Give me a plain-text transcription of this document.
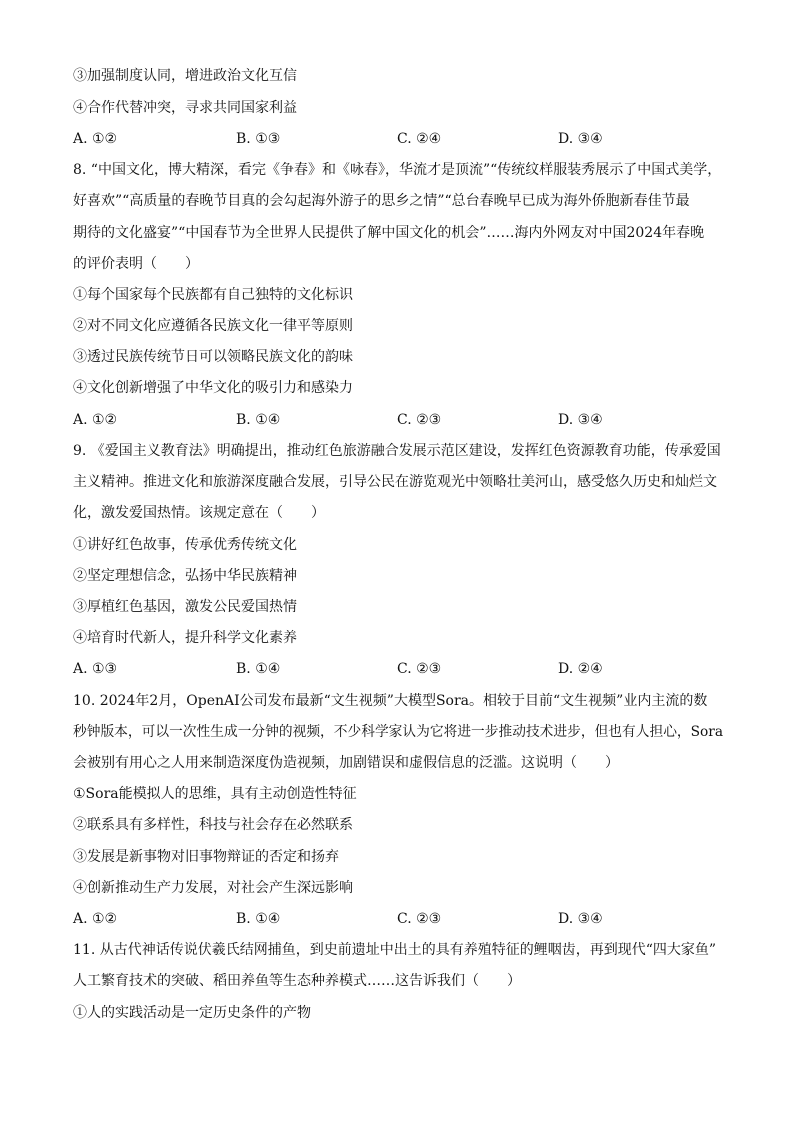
③加强制度认同，增进政治文化互信
④合作代替冲突，寻求共同国家利益
A. ①②	B. ①③	C. ②④	D. ③④
8. “中国文化，博大精深，看完《争春》和《咏春》，华流才是顶流”“传统纹样服装秀展示了中国式美学，
好喜欢”“高质量的春晚节目真的会勾起海外游子的思乡之情”“总台春晚早已成为海外侨胞新春佳节最
期待的文化盛宴”“中国春节为全世界人民提供了解中国文化的机会”……海内外网友对中国2024年春晚
的评价表明（　　）
①每个国家每个民族都有自己独特的文化标识
②对不同文化应遵循各民族文化一律平等原则
③透过民族传统节日可以领略民族文化的韵味
④文化创新增强了中华文化的吸引力和感染力
A. ①②	B. ①④	C. ②③	D. ③④
9. 《爱国主义教育法》明确提出，推动红色旅游融合发展示范区建设，发挥红色资源教育功能，传承爱国
主义精神。推进文化和旅游深度融合发展，引导公民在游览观光中领略壮美河山，感受悠久历史和灿烂文
化，激发爱国热情。该规定意在（　　）
①讲好红色故事，传承优秀传统文化
②坚定理想信念，弘扬中华民族精神
③厚植红色基因，激发公民爱国热情
④培育时代新人，提升科学文化素养
A. ①③	B. ①④	C. ②③	D. ②④
10. 2024年2月，OpenAI公司发布最新“文生视频”大模型Sora。相较于目前“文生视频”业内主流的数
秒钟版本，可以一次性生成一分钟的视频，不少科学家认为它将进一步推动技术进步，但也有人担心，Sora
会被别有用心之人用来制造深度伪造视频，加剧错误和虚假信息的泛滥。这说明（　　）
①Sora能模拟人的思维，具有主动创造性特征
②联系具有多样性，科技与社会存在必然联系
③发展是新事物对旧事物辩证的否定和扬弃
④创新推动生产力发展，对社会产生深远影响
A. ①②	B. ①④	C. ②③	D. ③④
11. 从古代神话传说伏羲氏结网捕鱼，到史前遗址中出土的具有养殖特征的鲤咽齿，再到现代“四大家鱼”
人工繁育技术的突破、稻田养鱼等生态种养模式……这告诉我们（　　）
①人的实践活动是一定历史条件的产物
